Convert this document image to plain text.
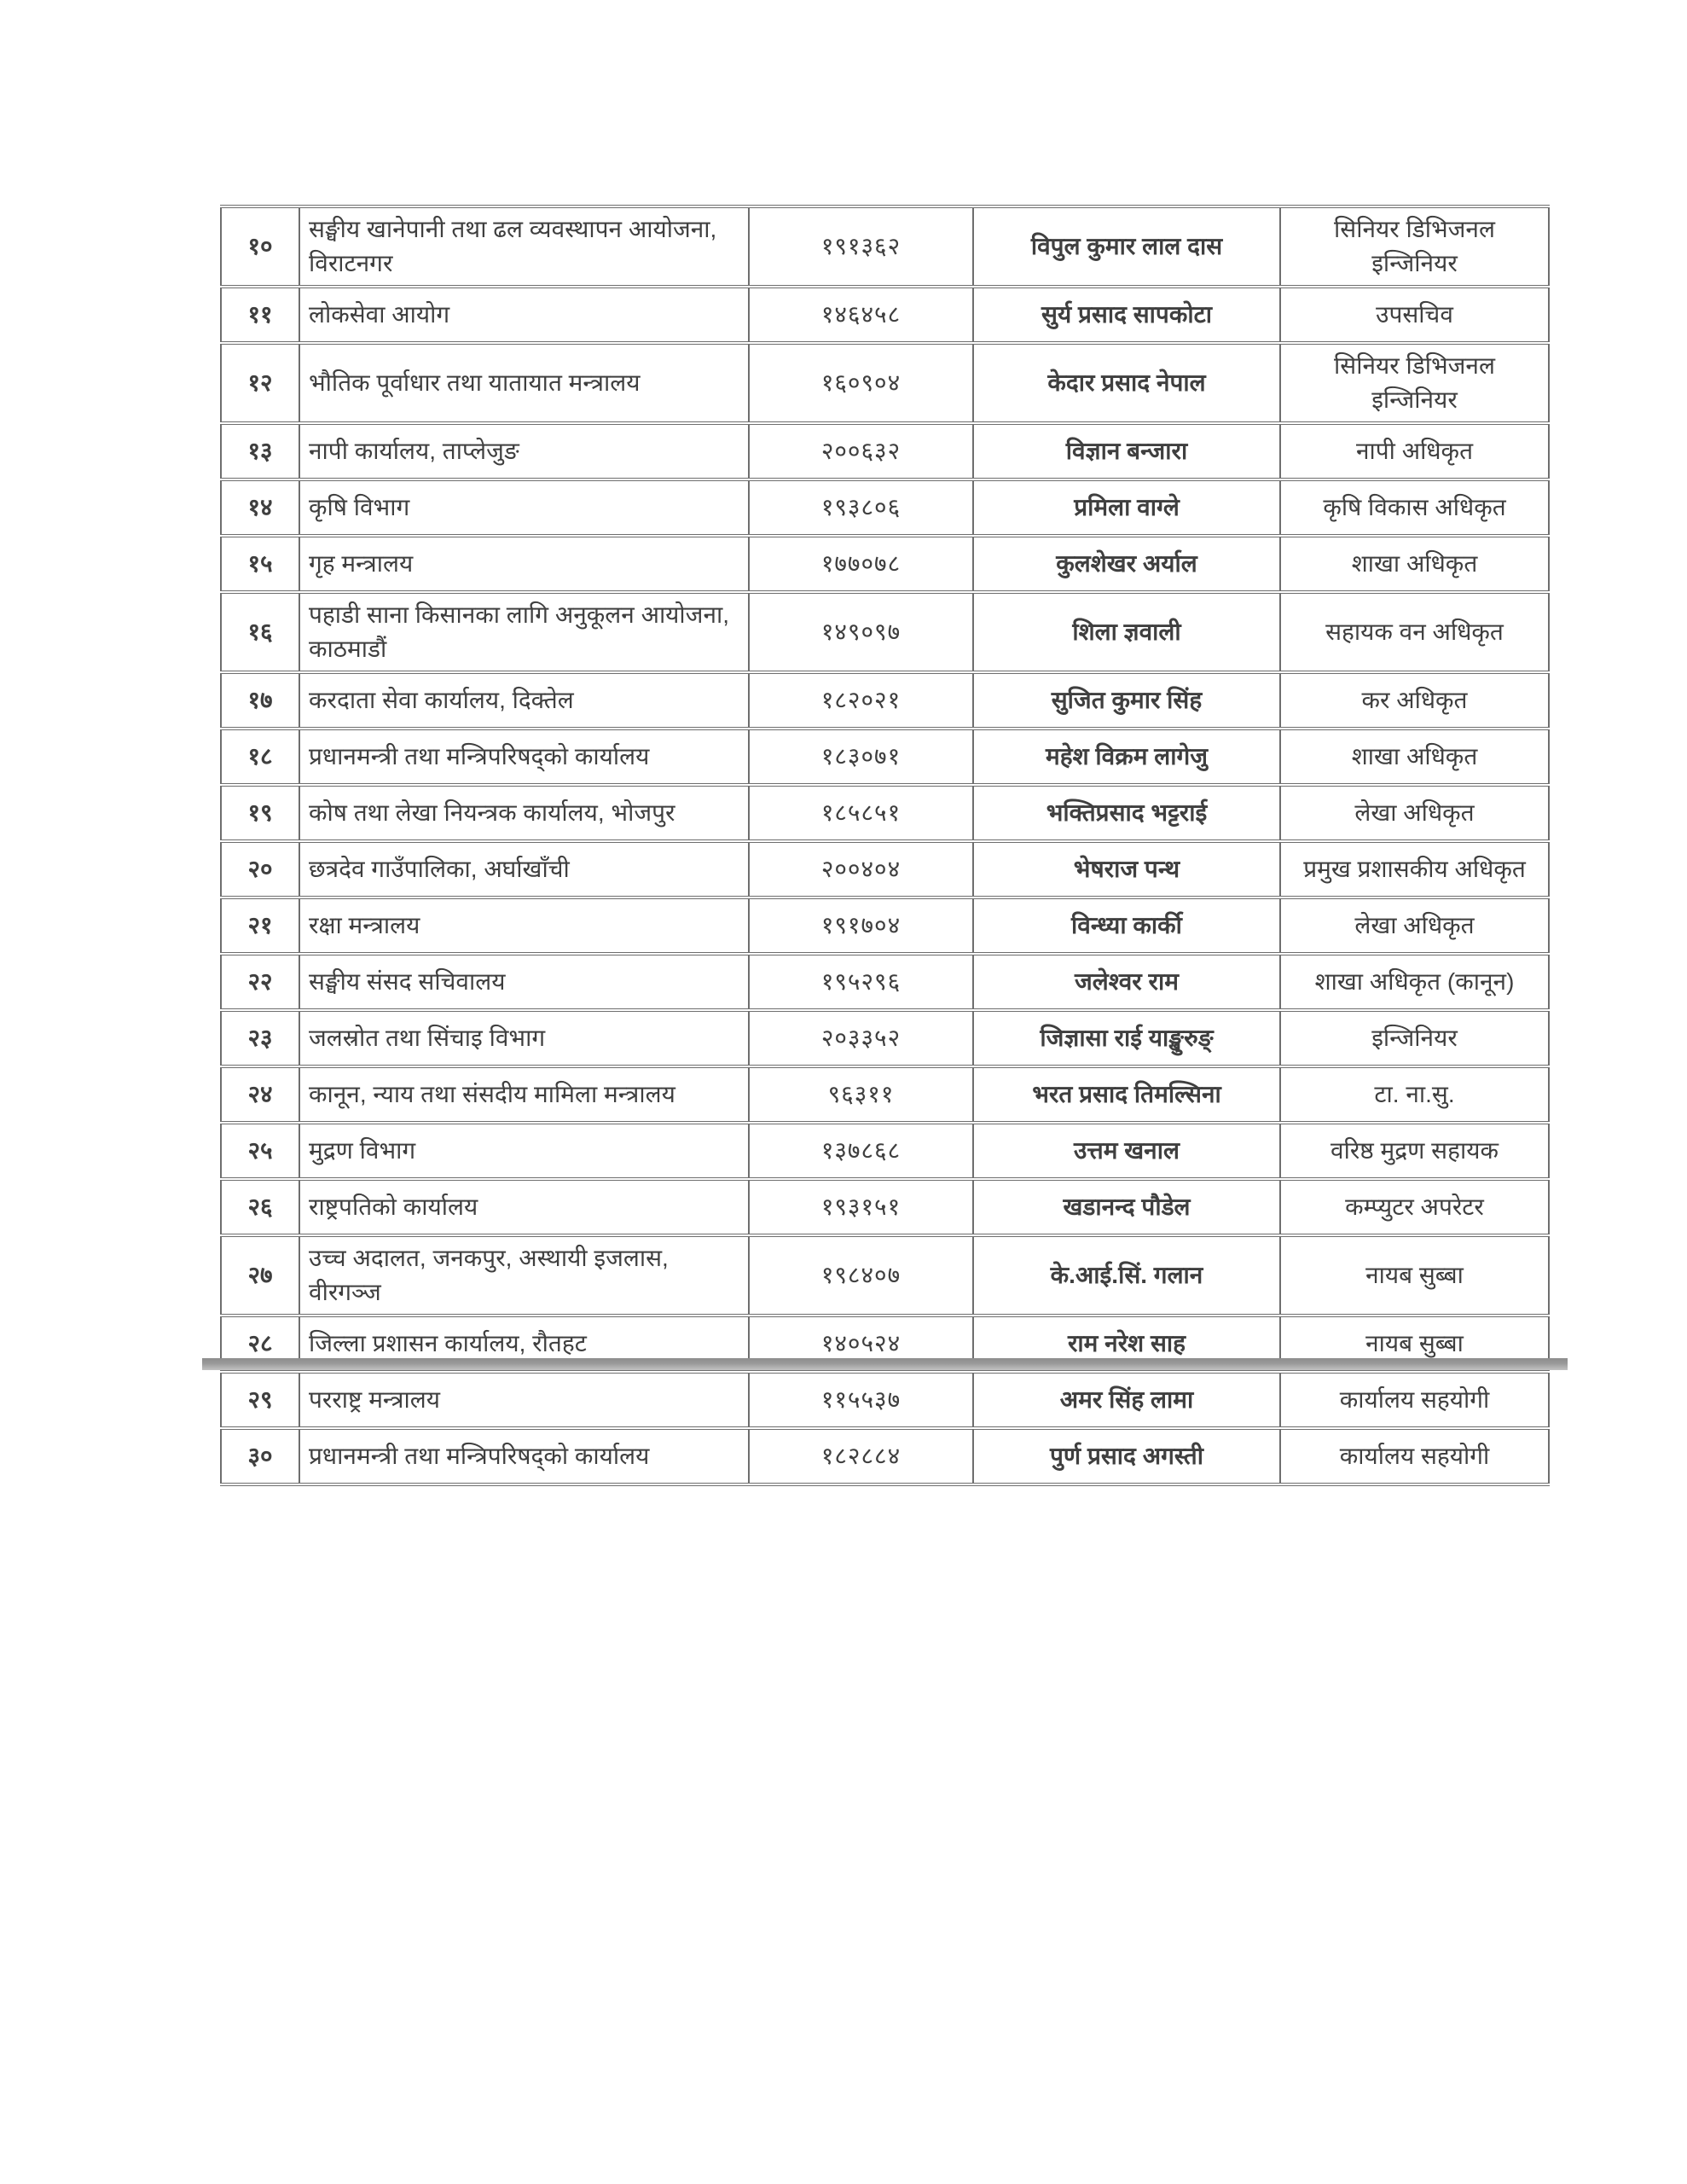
१०	सङ्घीय खानेपानी तथा ढल व्यवस्थापन आयोजना, विराटनगर	१९१३६२	विपुल कुमार लाल दास	सिनियर डिभिजनल इन्जिनियर
११	लोकसेवा आयोग	१४६४५८	सुर्य प्रसाद सापकोटा	उपसचिव
१२	भौतिक पूर्वाधार तथा यातायात मन्त्रालय	१६०९०४	केदार प्रसाद नेपाल	सिनियर डिभिजनल इन्जिनियर
१३	नापी कार्यालय, ताप्लेजुङ	२००६३२	विज्ञान बन्जारा	नापी अधिकृत
१४	कृषि विभाग	१९३८०६	प्रमिला वाग्ले	कृषि विकास अधिकृत
१५	गृह मन्त्रालय	१७७०७८	कुलशेखर अर्याल	शाखा अधिकृत
१६	पहाडी साना किसानका लागि अनुकूलन आयोजना, काठमाडौं	१४९०९७	शिला ज्ञवाली	सहायक वन अधिकृत
१७	करदाता सेवा कार्यालय, दिक्तेल	१८२०२१	सुजित कुमार सिंह	कर अधिकृत
१८	प्रधानमन्त्री तथा मन्त्रिपरिषद्को कार्यालय	१८३०७१	महेश विक्रम लागेजु	शाखा अधिकृत
१९	कोष तथा लेखा नियन्त्रक कार्यालय, भोजपुर	१८५८५१	भक्तिप्रसाद भट्टराई	लेखा अधिकृत
२०	छत्रदेव गाउँपालिका, अर्घाखाँची	२००४०४	भेषराज पन्थ	प्रमुख प्रशासकीय अधिकृत
२१	रक्षा मन्त्रालय	१९१७०४	विन्ध्या कार्की	लेखा अधिकृत
२२	सङ्घीय संसद सचिवालय	१९५२९६	जलेश्वर राम	शाखा अधिकृत (कानून)
२३	जलस्रोत तथा सिंचाइ विभाग	२०३३५२	जिज्ञासा राई याङ्खुरुङ्	इन्जिनियर
२४	कानून, न्याय तथा संसदीय मामिला मन्त्रालय	९६३११	भरत प्रसाद तिमल्सिना	टा. ना.सु.
२५	मुद्रण विभाग	१३७८६८	उत्तम खनाल	वरिष्ठ मुद्रण सहायक
२६	राष्ट्रपतिको कार्यालय	१९३१५१	खडानन्द पौडेल	कम्प्युटर अपरेटर
२७	उच्च अदालत, जनकपुर, अस्थायी इजलास, वीरगञ्ज	१९८४०७	के.आई.सिं. गलान	नायब सुब्बा
२८	जिल्ला प्रशासन कार्यालय, रौतहट	१४०५२४	राम नरेश साह	नायब सुब्बा
२९	परराष्ट्र मन्त्रालय	११५५३७	अमर सिंह लामा	कार्यालय सहयोगी
३०	प्रधानमन्त्री तथा मन्त्रिपरिषद्को कार्यालय	१८२८८४	पुर्ण प्रसाद अगस्ती	कार्यालय सहयोगी
